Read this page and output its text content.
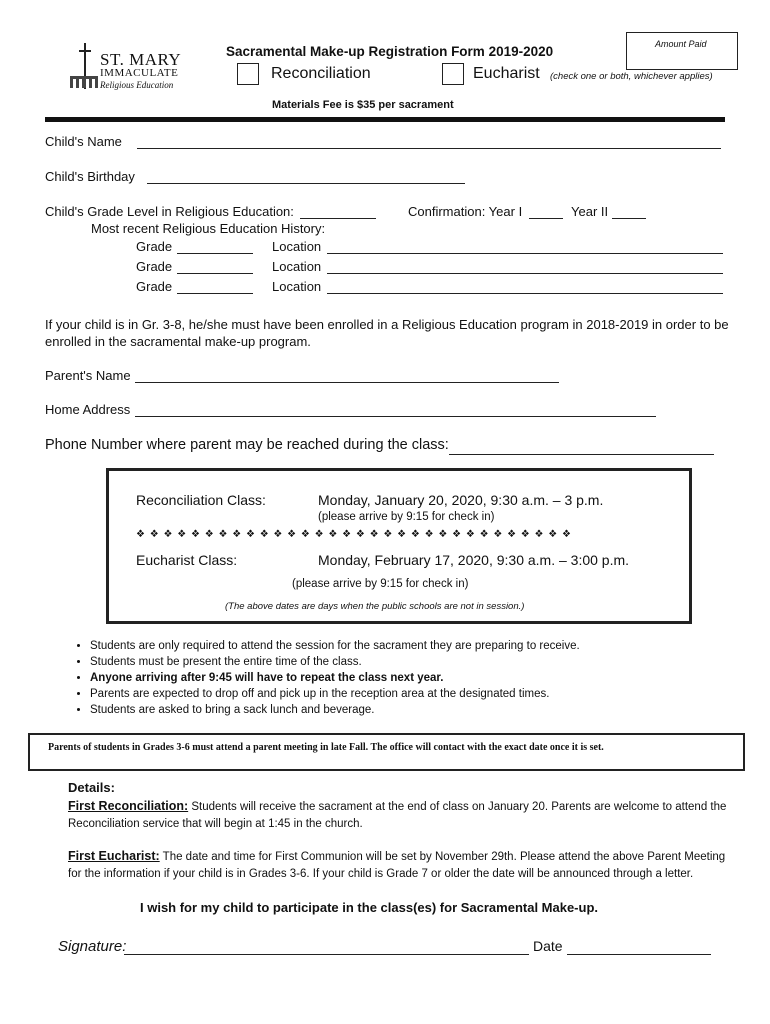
ST. MARY
IMMACULATE
Religious Education
Sacramental Make-up Registration Form 2019-2020
Reconciliation	Eucharist (check one or both, whichever applies)
Amount Paid
Materials Fee is $35 per sacrament
Child's Name
Child's Birthday
Child's Grade Level in Religious Education:	Confirmation: Year I	Year II
Most recent Religious Education History:
Grade	Location
Grade	Location
Grade	Location
If your child is in Gr. 3-8, he/she must have been enrolled in a Religious Education program in 2018-2019 in order to be enrolled in the sacramental make-up program.
Parent's Name
Home Address
Phone Number where parent may be reached during the class:
Reconciliation Class:	Monday, January 20, 2020, 9:30 a.m. – 3 p.m.
(please arrive by 9:15 for check in)
❖ ❖ ❖ ❖ ❖ ❖ ❖ ❖ ❖ ❖ ❖ ❖ ❖ ❖ ❖ ❖ ❖ ❖ ❖ ❖ ❖ ❖ ❖ ❖ ❖ ❖ ❖ ❖ ❖ ❖ ❖ ❖
Eucharist Class:	Monday, February 17, 2020, 9:30 a.m. – 3:00 p.m.
(please arrive by 9:15 for check in)
(The above dates are days when the public schools are not in session.)
• Students are only required to attend the session for the sacrament they are preparing to receive.
• Students must be present the entire time of the class.
• Anyone arriving after 9:45 will have to repeat the class next year.
• Parents are expected to drop off and pick up in the reception area at the designated times.
• Students are asked to bring a sack lunch and beverage.
Parents of students in Grades 3-6 must attend a parent meeting in late Fall. The office will contact with the exact date once it is set.
Details:
First Reconciliation: Students will receive the sacrament at the end of class on January 20. Parents are welcome to attend the Reconciliation service that will begin at 1:45 in the church.
First Eucharist: The date and time for First Communion will be set by November 29th. Please attend the above Parent Meeting for the information if your child is in Grades 3-6. If your child is Grade 7 or older the date will be announced through a letter.
I wish for my child to participate in the class(es) for Sacramental Make-up.
Signature:	Date
